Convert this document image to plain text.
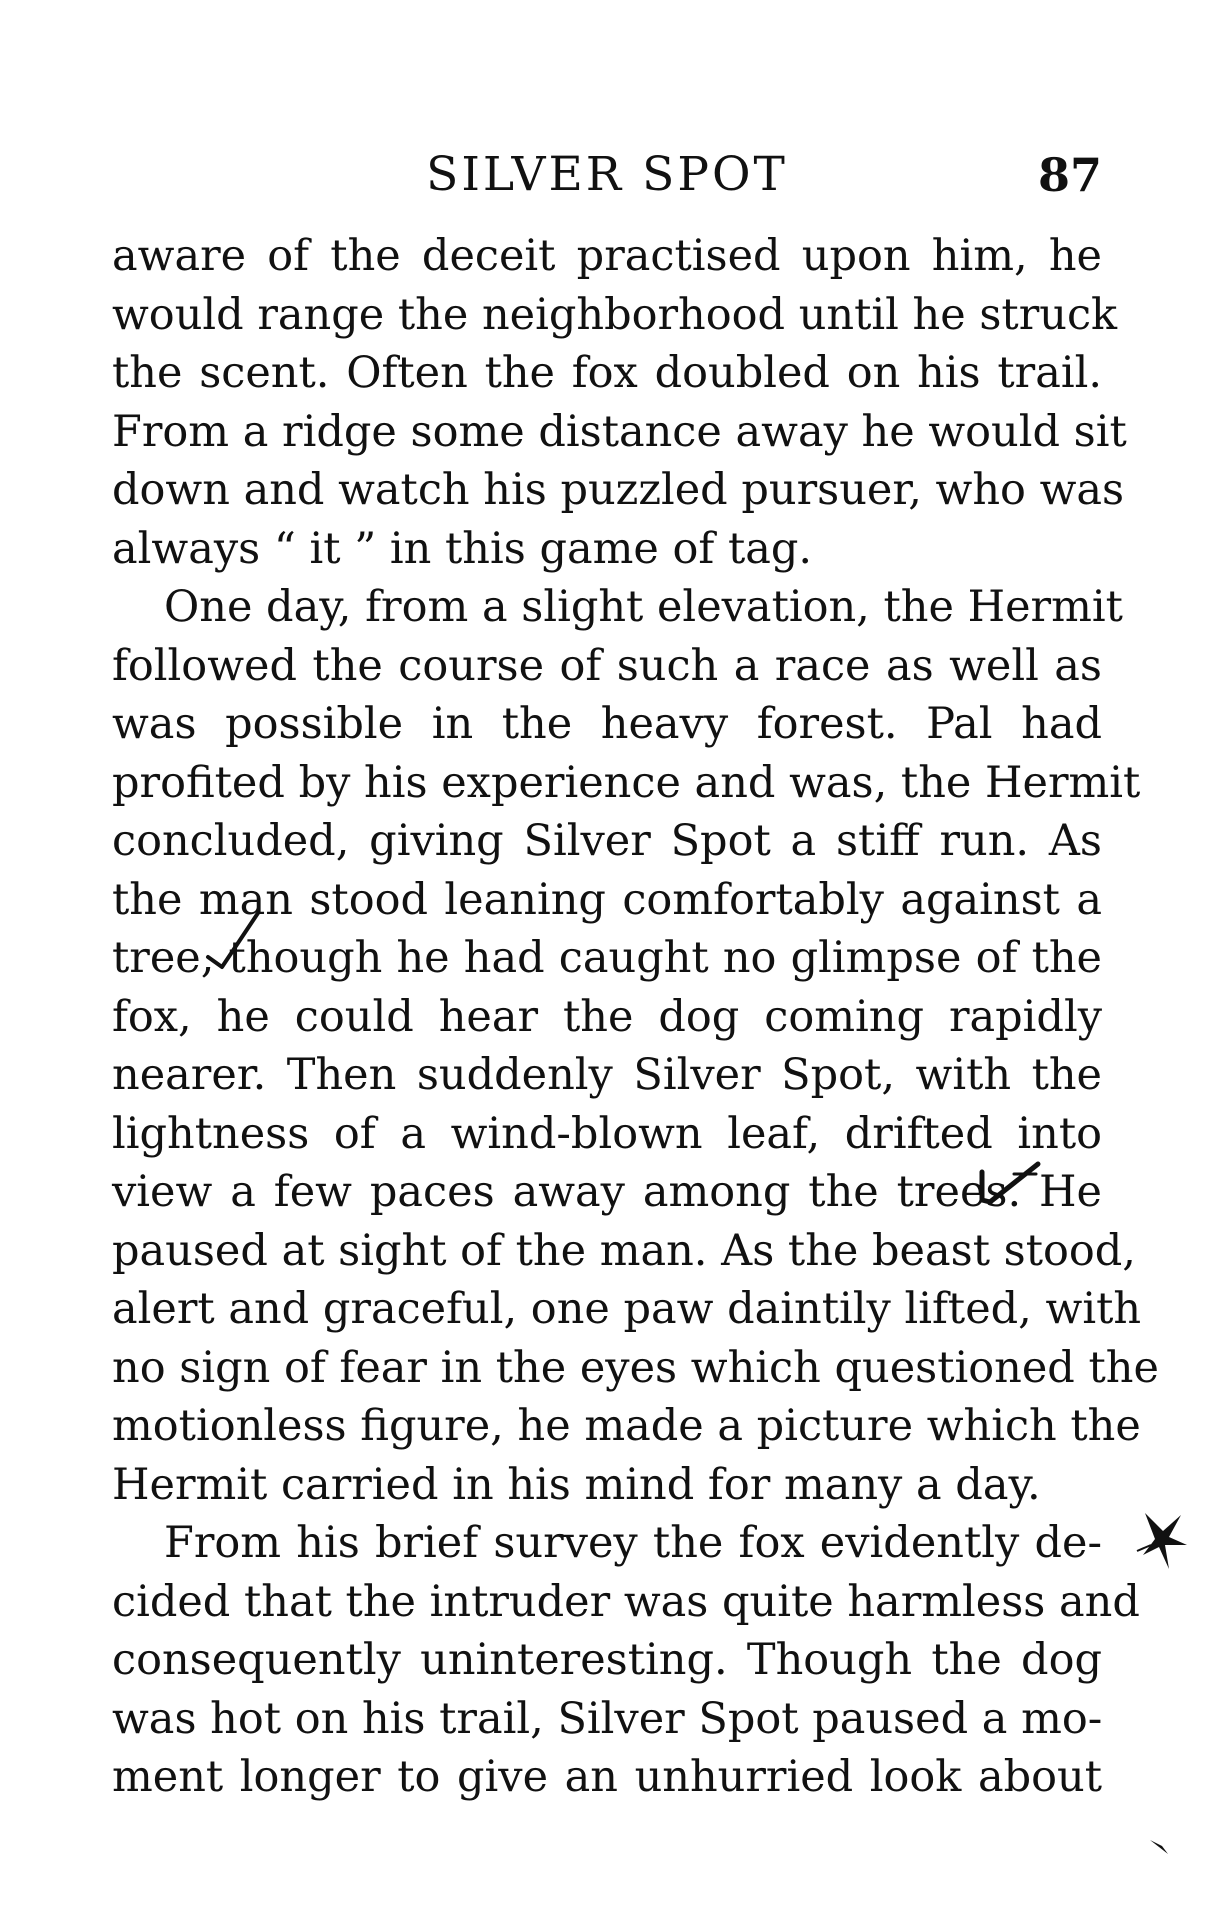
SILVER SPOT	87
aware of the deceit practised upon him, he
would range the neighborhood until he struck
the scent. Often the fox doubled on his trail.
From a ridge some distance away he would sit
down and watch his puzzled pursuer, who was
always “ it ” in this game of tag.
One day, from a slight elevation, the Hermit
followed the course of such a race as well as
was possible in the heavy forest. Pal had
profited by his experience and was, the Hermit
concluded, giving Silver Spot a stiff run. As
the man stood leaning comfortably against a
tree, though he had caught no glimpse of the
fox, he could hear the dog coming rapidly
nearer. Then suddenly Silver Spot, with the
lightness of a wind-blown leaf, drifted into
view a few paces away among the trees. He
paused at sight of the man. As the beast stood,
alert and graceful, one paw daintily lifted, with
no sign of fear in the eyes which questioned the
motionless figure, he made a picture which the
Hermit carried in his mind for many a day.
From his brief survey the fox evidently de-
cided that the intruder was quite harmless and
consequently uninteresting. Though the dog
was hot on his trail, Silver Spot paused a mo-
ment longer to give an unhurried look about
